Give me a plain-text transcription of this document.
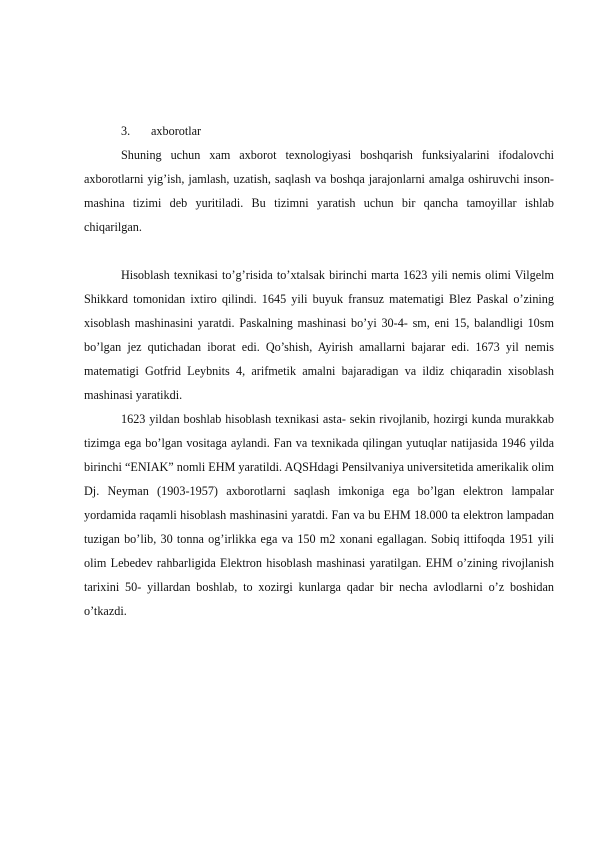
3. axborotlar

Shuning uchun xam axborot texnologiyasi boshqarish funksiyalarini ifodalovchi axborotlarni yig’ish, jamlash, uzatish, saqlash va boshqa jarajonlarni amalga oshiruvchi inson- mashina tizimi deb yuritiladi. Bu tizimni yaratish uchun bir qancha tamoyillar ishlab chiqarilgan.

Hisoblash texnikasi to’g’risida to’xtalsak birinchi marta 1623 yili nemis olimi Vilgelm Shikkard tomonidan ixtiro qilindi. 1645 yili buyuk fransuz matematigi Blez Paskal o’zining xisoblash mashinasini yaratdi. Paskalning mashinasi bo’yi 30-4- sm, eni 15, balandligi 10sm bo’lgan jez qutichadan iborat edi. Qo’shish, Ayirish amallarni bajarar edi. 1673 yil nemis matematigi Gotfrid Leybnits 4, arifmetik amalni bajaradigan va ildiz chiqaradin xisoblash mashinasi yaratikdi.

1623 yildan boshlab hisoblash texnikasi asta- sekin rivojlanib, hozirgi kunda murakkab tizimga ega bo’lgan vositaga aylandi. Fan va texnikada qilingan yutuqlar natijasida 1946 yilda birinchi “ENIAK” nomli EHM yaratildi. AQSHdagi Pensilvaniya universitetida amerikalik olim Dj. Neyman (1903-1957) axborotlarni saqlash imkoniga ega bo’lgan elektron lampalar yordamida raqamli hisoblash mashinasini yaratdi. Fan va bu EHM 18.000 ta elektron lampadan tuzigan bo’lib, 30 tonna og’irlikka ega va 150 m2 xonani egallagan. Sobiq ittifoqda 1951 yili olim Lebedev rahbarligida Elektron hisoblash mashinasi yaratilgan. EHM o’zining rivojlanish tarixini 50- yillardan boshlab, to xozirgi kunlarga qadar bir necha avlodlarni o’z boshidan o’tkazdi.
